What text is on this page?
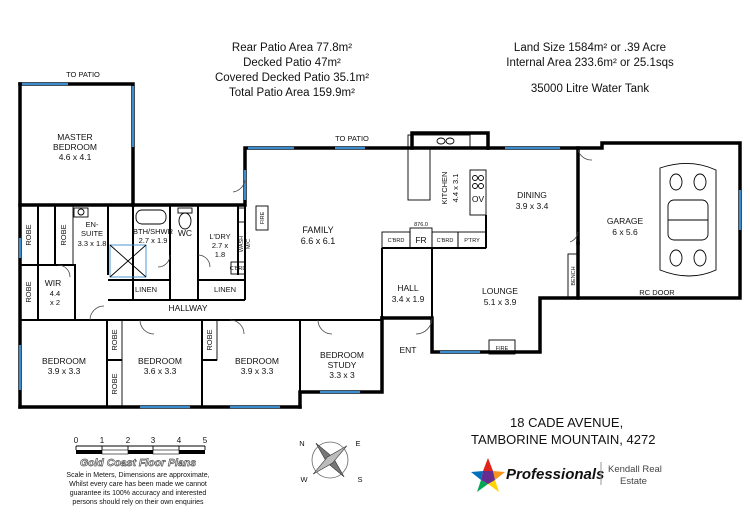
Rear Patio Area 77.8m²
Decked Patio 47m²
Covered Decked Patio 35.1m²
Total Patio Area 159.9m²
Land Size 1584m² or .39 Acre
Internal Area 233.6m² or 25.1sqs
35000 Litre Water Tank
18 CADE AVENUE,
TAMBORINE MOUNTAIN, 4272
TO PATIO
TO PATIO
MASTER
BEDROOM
4.6 x 4.1
EN-
SUITE
3.3 x 1.8
BTH/SHWR
2.7 x 1.9
WC L'DRY
2.7 x
1.8
WASH M/C
FIRE
C'BRD
ROBE	ROBE
ROBE
ROBE
ROBE
ROBE
WIR
4.4
x 2
LINEN	LINEN
HALLWAY
BEDROOM
3.9 x 3.3
BEDROOM
3.6 x 3.3
BEDROOM
3.9 x 3.3
BEDROOM
STUDY
3.3 x 3
FAMILY
6.6 x 6.1
KITCHEN 4.4 x 3.1 OV
C'BRD FR
876.0
C'BRD P'TRY
DINING
3.9 x 3.4
HALL
3.4 x 1.9
LOUNGE
5.1 x 3.9
FIRE
ENT
GARAGE
6 x 5.6
BENCH
RC DOOR
0	1	2	3	4	5
Gold Coast Floor Plans
Scale in Meters, Dimensions are approximate,
Whilst every care has been made we cannot
guarantee its 100% accuracy and interested
persons should rely on their own enquiries
N	E
S
W	Professionals Kendall Real
Estate
